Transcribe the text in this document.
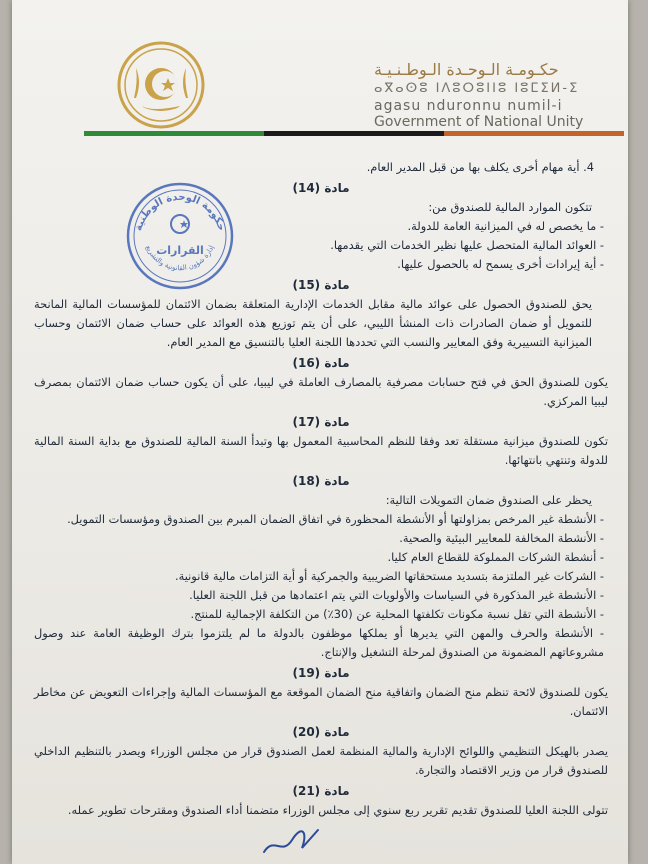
حكـومـة الـوحـدة الـوطـنـيـة
ⴰⴳⴰⵙⵓ ⵏⴷⵓⵔⵓⵏⵏⵓ ⵏⵓⵎⵉⵍ-ⵉ
agasu nduronnu numil-i
Government of National Unity
حكومة الوحدة الوطنية
إدارة شؤون القانونية والتشريع
القرارات

4. أية مهام أخرى يكلف بها من قبل المدير العام.

مادة (14)

تتكون الموارد المالية للصندوق من:

- ما يخصص له في الميزانية العامة للدولة.

- العوائد المالية المتحصل عليها نظير الخدمات التي يقدمها.

- أية إيرادات أخرى يسمح له بالحصول عليها.

مادة (15)

يحق للصندوق الحصول على عوائد مالية مقابل الخدمات الإدارية المتعلقة بضمان الائتمان للمؤسسات المالية المانحة للتمويل أو ضمان الصادرات ذات المنشأ الليبي، على أن يتم توزيع هذه العوائد على حساب ضمان الائتمان وحساب الميزانية التسييرية وفق المعايير والنسب التي تحددها اللجنة العليا بالتنسيق مع المدير العام.

مادة (16)

يكون للصندوق الحق في فتح حسابات مصرفية بالمصارف العاملة في ليبيا، على أن يكون حساب ضمان الائتمان بمصرف ليبيا المركزي.

مادة (17)

تكون للصندوق ميزانية مستقلة تعد وفقا للنظم المحاسبية المعمول بها وتبدأ السنة المالية للصندوق مع بداية السنة المالية للدولة وتنتهي بانتهائها.

مادة (18)

يحظر على الصندوق ضمان التمويلات التالية:

- الأنشطة غير المرخص بمزاولتها أو الأنشطة المحظورة في اتفاق الضمان المبرم بين الصندوق ومؤسسات التمويل.

- الأنشطة المخالفة للمعايير البيئية والصحية.

- أنشطة الشركات المملوكة للقطاع العام كليا.

- الشركات غير الملتزمة بتسديد مستحقاتها الضريبية والجمركية أو أية التزامات مالية قانونية.

- الأنشطة غير المذكورة في السياسات والأولويات التي يتم اعتمادها من قبل اللجنة العليا.

- الأنشطة التي تقل نسبة مكونات تكلفتها المحلية عن (30٪) من التكلفة الإجمالية للمنتج.

- الأنشطة والحرف والمهن التي يديرها أو يملكها موظفون بالدولة ما لم يلتزموا بترك الوظيفة العامة عند وصول مشروعاتهم المضمونة من الصندوق لمرحلة التشغيل والإنتاج.

مادة (19)

يكون للصندوق لائحة تنظم منح الضمان واتفاقية منح الضمان الموقعة مع المؤسسات المالية وإجراءات التعويض عن مخاطر الائتمان.

مادة (20)

يصدر بالهيكل التنظيمي واللوائح الإدارية والمالية المنظمة لعمل الصندوق قرار من مجلس الوزراء ويصدر بالتنظيم الداخلي للصندوق قرار من وزير الاقتصاد والتجارة.

مادة (21)

تتولى اللجنة العليا للصندوق تقديم تقرير ربع سنوي إلى مجلس الوزراء متضمنا أداء الصندوق ومقترحات تطوير عمله.
